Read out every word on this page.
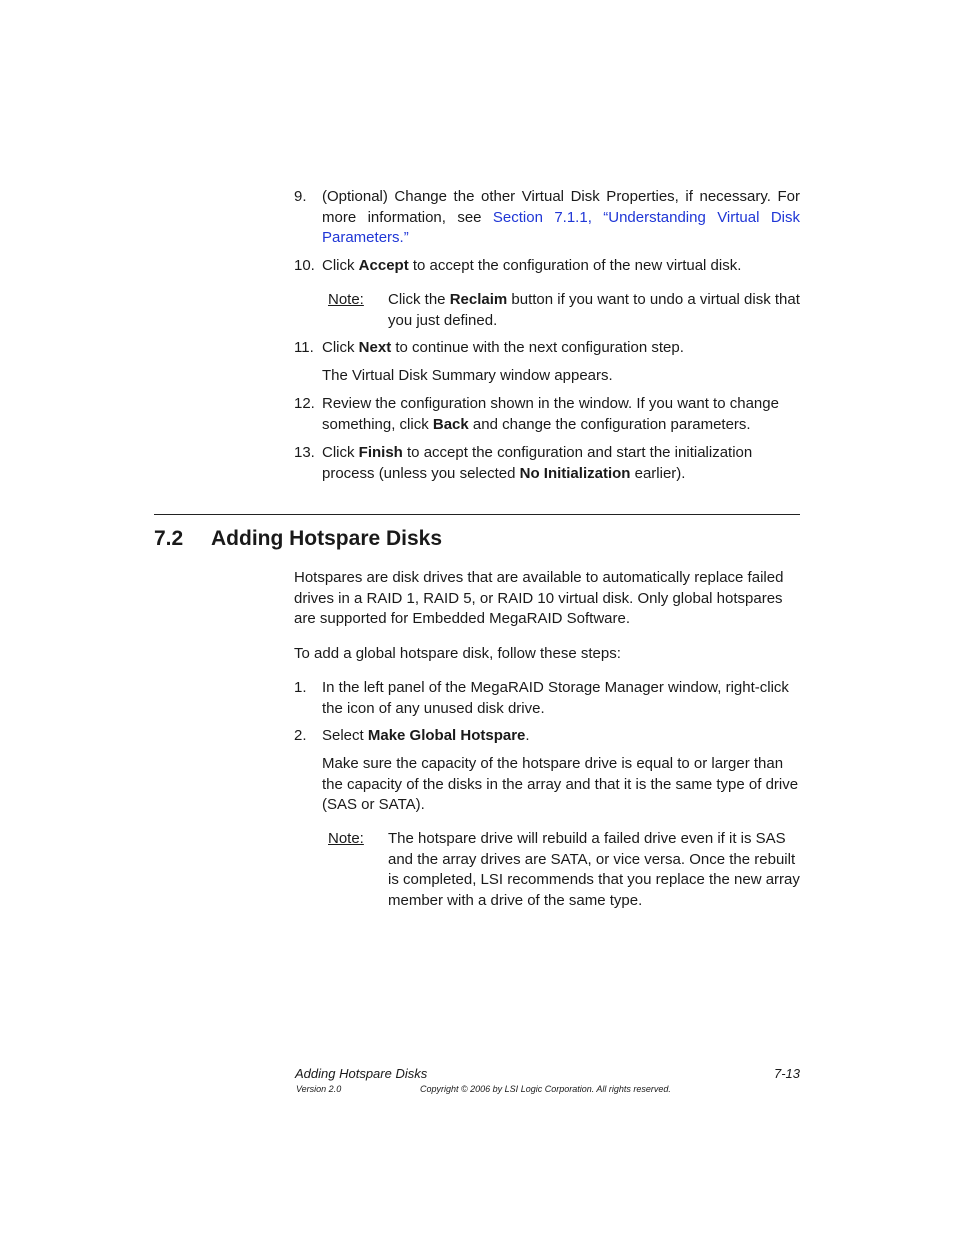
9. (Optional) Change the other Virtual Disk Properties, if necessary. For more information, see Section 7.1.1, “Understanding Virtual Disk Parameters.”
10. Click Accept to accept the configuration of the new virtual disk.
Note: Click the Reclaim button if you want to undo a virtual disk that you just defined.
11. Click Next to continue with the next configuration step.
The Virtual Disk Summary window appears.
12. Review the configuration shown in the window. If you want to change something, click Back and change the configuration parameters.
13. Click Finish to accept the configuration and start the initialization process (unless you selected No Initialization earlier).
7.2 Adding Hotspare Disks
Hotspares are disk drives that are available to automatically replace failed drives in a RAID 1, RAID 5, or RAID 10 virtual disk. Only global hotspares are supported for Embedded MegaRAID Software.
To add a global hotspare disk, follow these steps:
1. In the left panel of the MegaRAID Storage Manager window, right-click the icon of any unused disk drive.
2. Select Make Global Hotspare.
Make sure the capacity of the hotspare drive is equal to or larger than the capacity of the disks in the array and that it is the same type of drive (SAS or SATA).
Note: The hotspare drive will rebuild a failed drive even if it is SAS and the array drives are SATA, or vice versa. Once the rebuilt is completed, LSI recommends that you replace the new array member with a drive of the same type.
Adding Hotspare Disks	7-13
Version 2.0	Copyright © 2006 by LSI Logic Corporation. All rights reserved.
